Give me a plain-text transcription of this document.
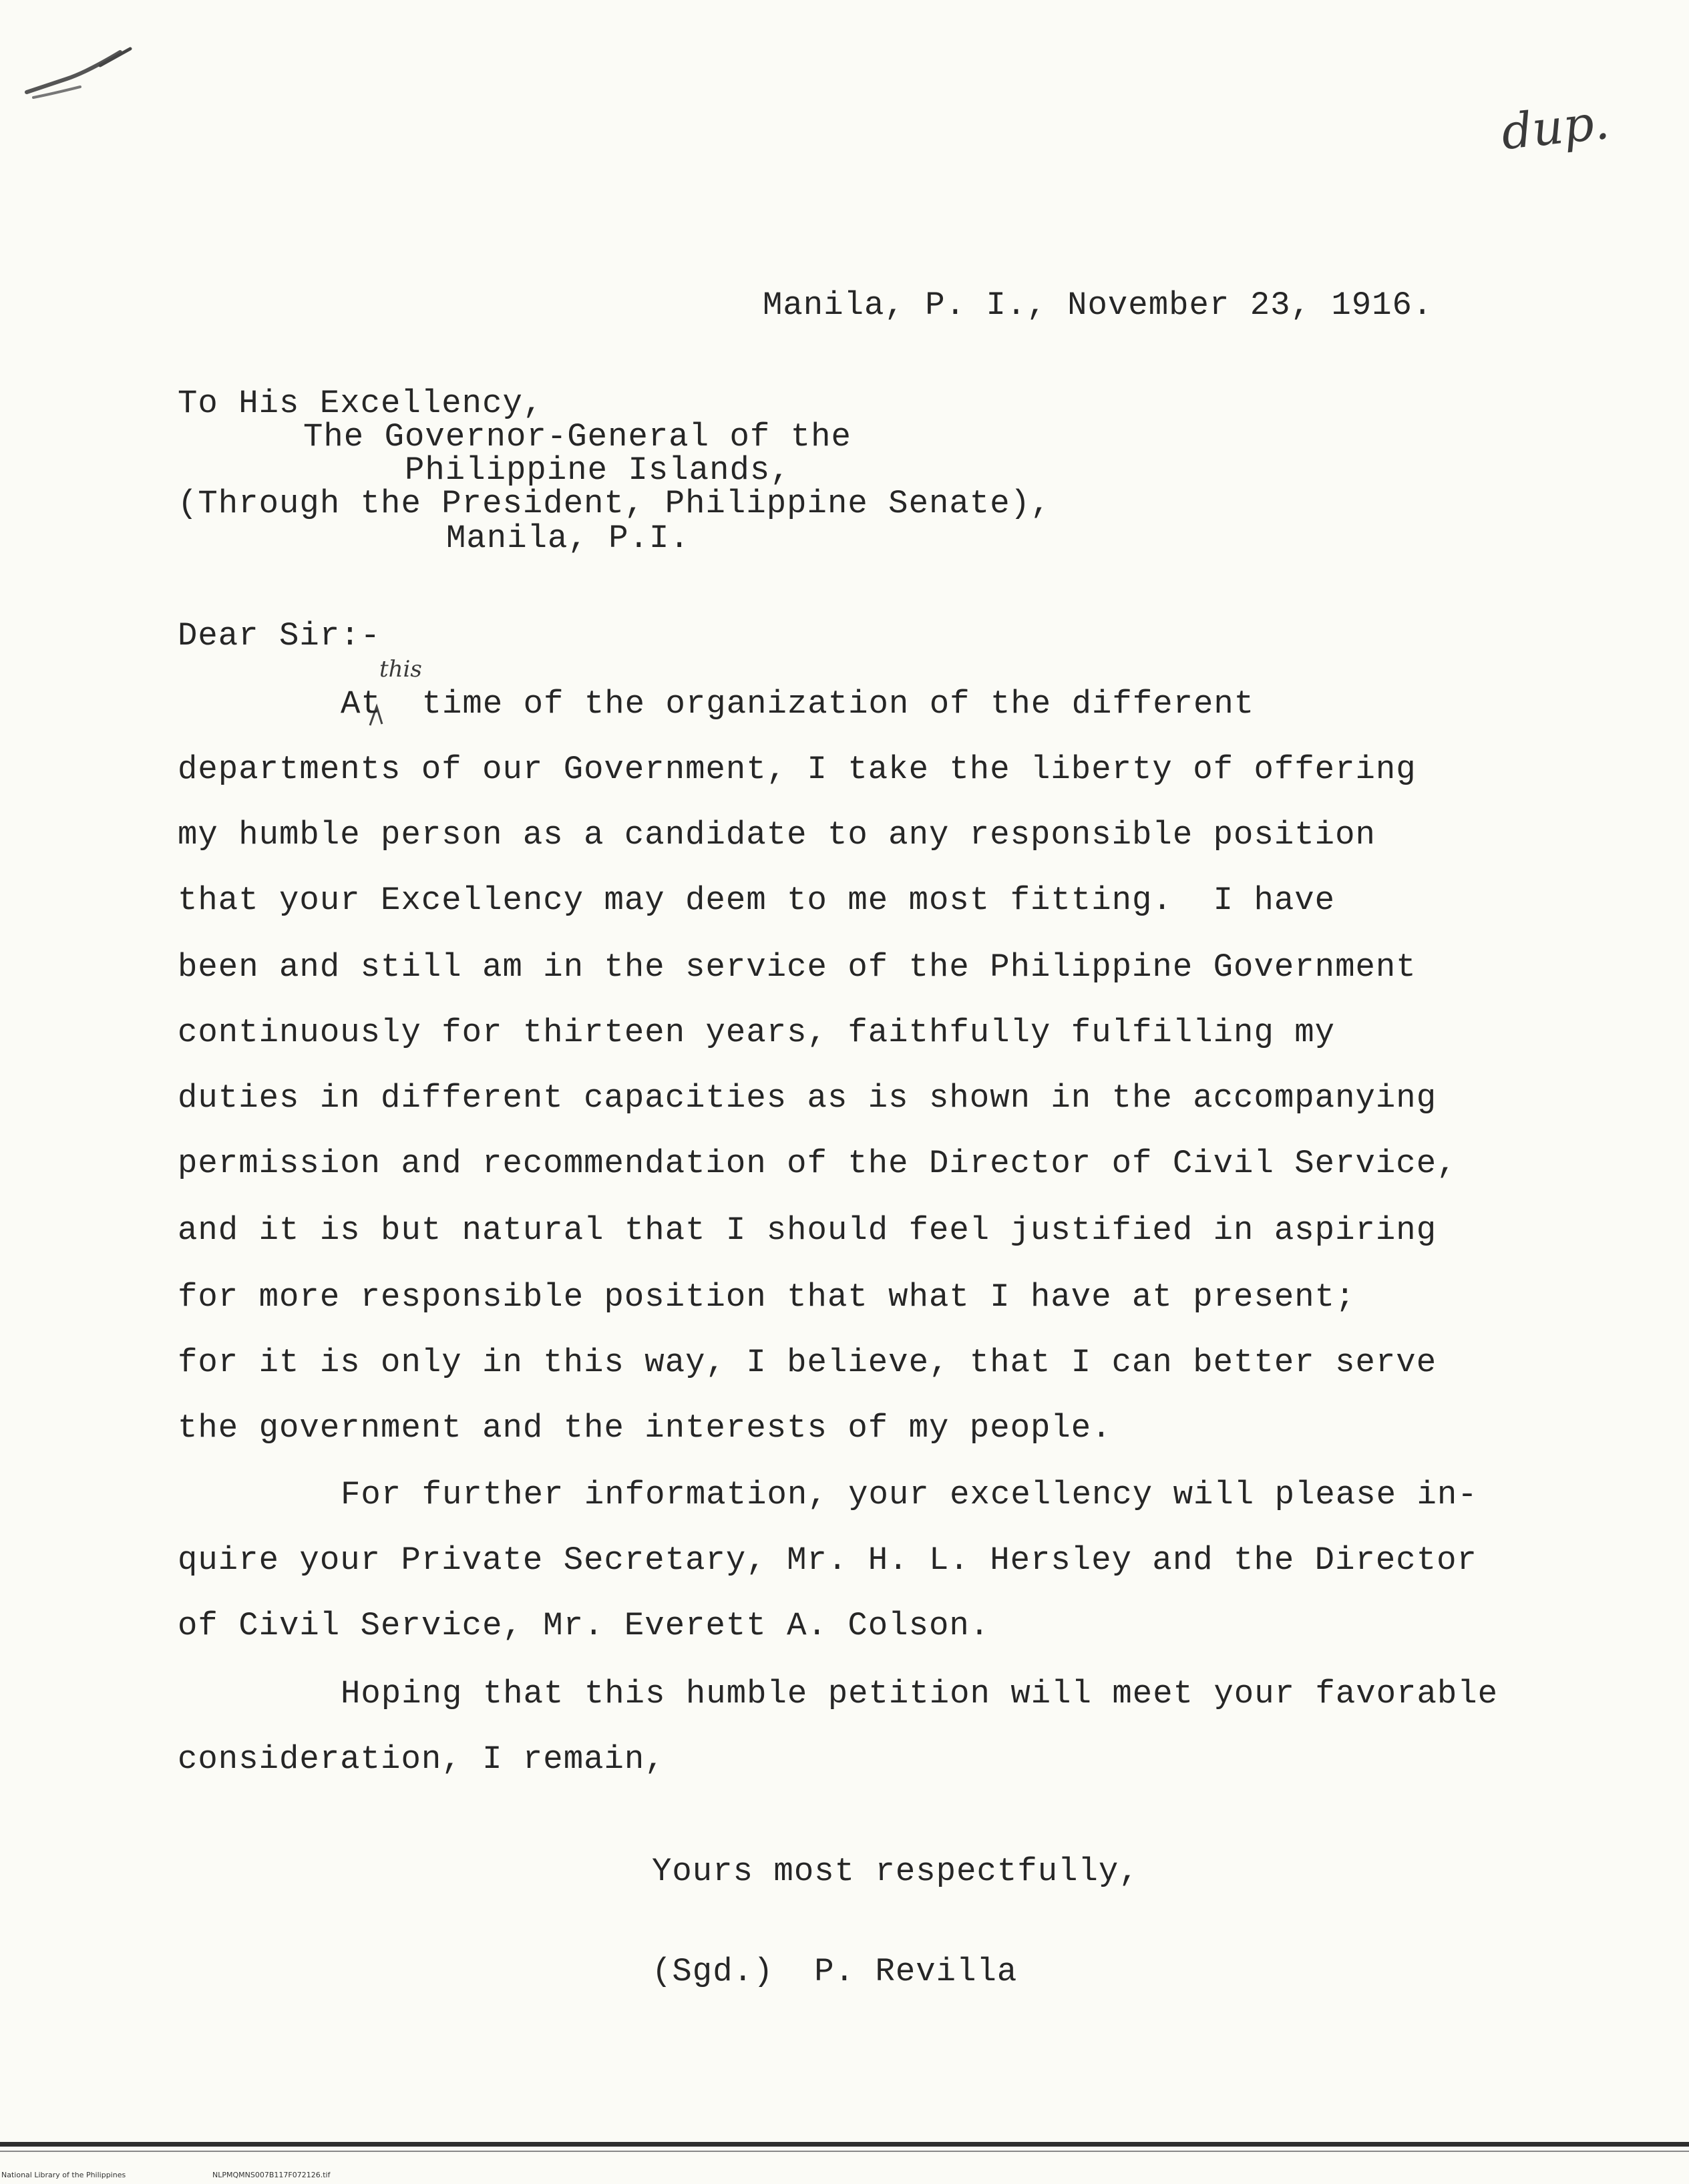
dup.
Manila, P. I., November 23, 1916.
To His Excellency,
The Governor-General of the
Philippine Islands,
(Through the President, Philippine Senate),
Manila, P.I.
Dear Sir:-
this
At  time of the organization of the different
departments of our Government, I take the liberty of offering
my humble person as a candidate to any responsible position
that your Excellency may deem to me most fitting.  I have
been and still am in the service of the Philippine Government
continuously for thirteen years, faithfully fulfilling my
duties in different capacities as is shown in the accompanying
permission and recommendation of the Director of Civil Service,
and it is but natural that I should feel justified in aspiring
for more responsible position that what I have at present;
for it is only in this way, I believe, that I can better serve
the government and the interests of my people.
For further information, your excellency will please in-
quire your Private Secretary, Mr. H. L. Hersley and the Director
of Civil Service, Mr. Everett A. Colson.
Hoping that this humble petition will meet your favorable
consideration, I remain,
Yours most respectfully,
(Sgd.)  P. Revilla
National Library of the Philippines	NLPMQMNS007B117F072126.tif
